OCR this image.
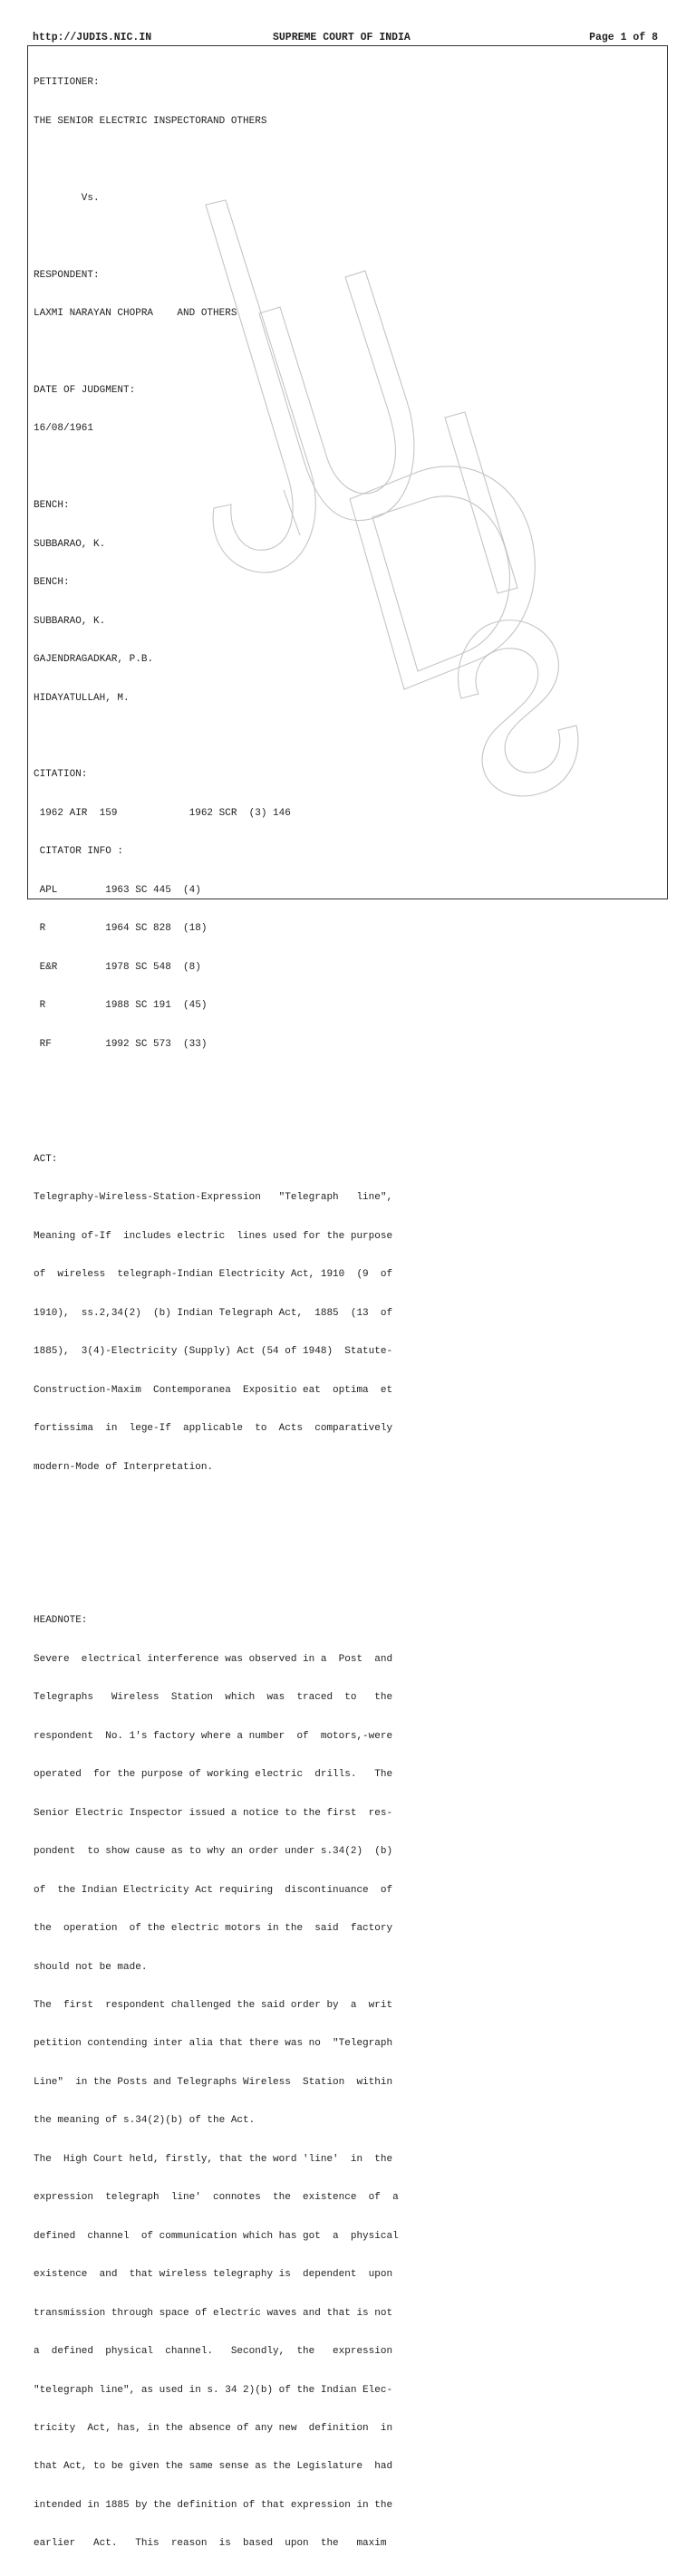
http://JUDIS.NIC.IN	SUPREME COURT OF INDIA	Page 1 of 8

PETITIONER:

THE SENIOR ELECTRIC INSPECTORAND OTHERS

Vs.

RESPONDENT:

LAXMI NARAYAN CHOPRA    AND OTHERS

DATE OF JUDGMENT:

16/08/1961

BENCH:

SUBBARAO, K.

BENCH:

SUBBARAO, K.

GAJENDRAGADKAR, P.B.

HIDAYATULLAH, M.

CITATION:

1962 AIR  159            1962 SCR  (3) 146

CITATOR INFO :

APL        1963 SC 445  (4)

R          1964 SC 828  (18)

E&R        1978 SC 548  (8)

R          1988 SC 191  (45)

RF         1992 SC 573  (33)

ACT:

Telegraphy-Wireless-Station-Expression   "Telegraph   line",

Meaning of-If  includes electric  lines used for the purpose

of  wireless  telegraph-Indian Electricity Act, 1910  (9  of

1910),  ss.2,34(2)  (b) Indian Telegraph Act,  1885  (13  of

1885),  3(4)-Electricity (Supply) Act (54 of 1948)  Statute-

Construction-Maxim  Contemporanea  Expositio eat  optima  et

fortissima  in  lege-If  applicable  to  Acts  comparatively

modern-Mode of Interpretation.

HEADNOTE:

Severe  electrical interference was observed in a  Post  and

Telegraphs   Wireless  Station  which  was  traced  to   the

respondent  No. 1's factory where a number  of  motors,-were

operated  for the purpose of working electric  drills.   The

Senior Electric Inspector issued a notice to the first  res-

pondent  to show cause as to why an order under s.34(2)  (b)

of  the Indian Electricity Act requiring  discontinuance  of

the  operation  of the electric motors in the  said  factory

should not be made.

The  first  respondent challenged the said order by  a  writ

petition contending inter alia that there was no  "Telegraph

Line"  in the Posts and Telegraphs Wireless  Station  within

the meaning of s.34(2)(b) of the Act.

The  High Court held, firstly, that the word 'line'  in  the

expression  telegraph  line'  connotes  the  existence  of  a

defined  channel  of communication which has got  a  physical

existence  and  that wireless telegraphy is  dependent  upon

transmission through space of electric waves and that is not

a  defined  physical  channel.   Secondly,  the   expression

"telegraph line", as used in s. 34 2)(b) of the Indian Elec-

tricity  Act, has, in the absence of any new  definition  in

that Act, to be given the same sense as the Legislature  had

intended in 1885 by the definition of that expression in the

earlier   Act.   This  reason  is  based  upon  the   maxim
